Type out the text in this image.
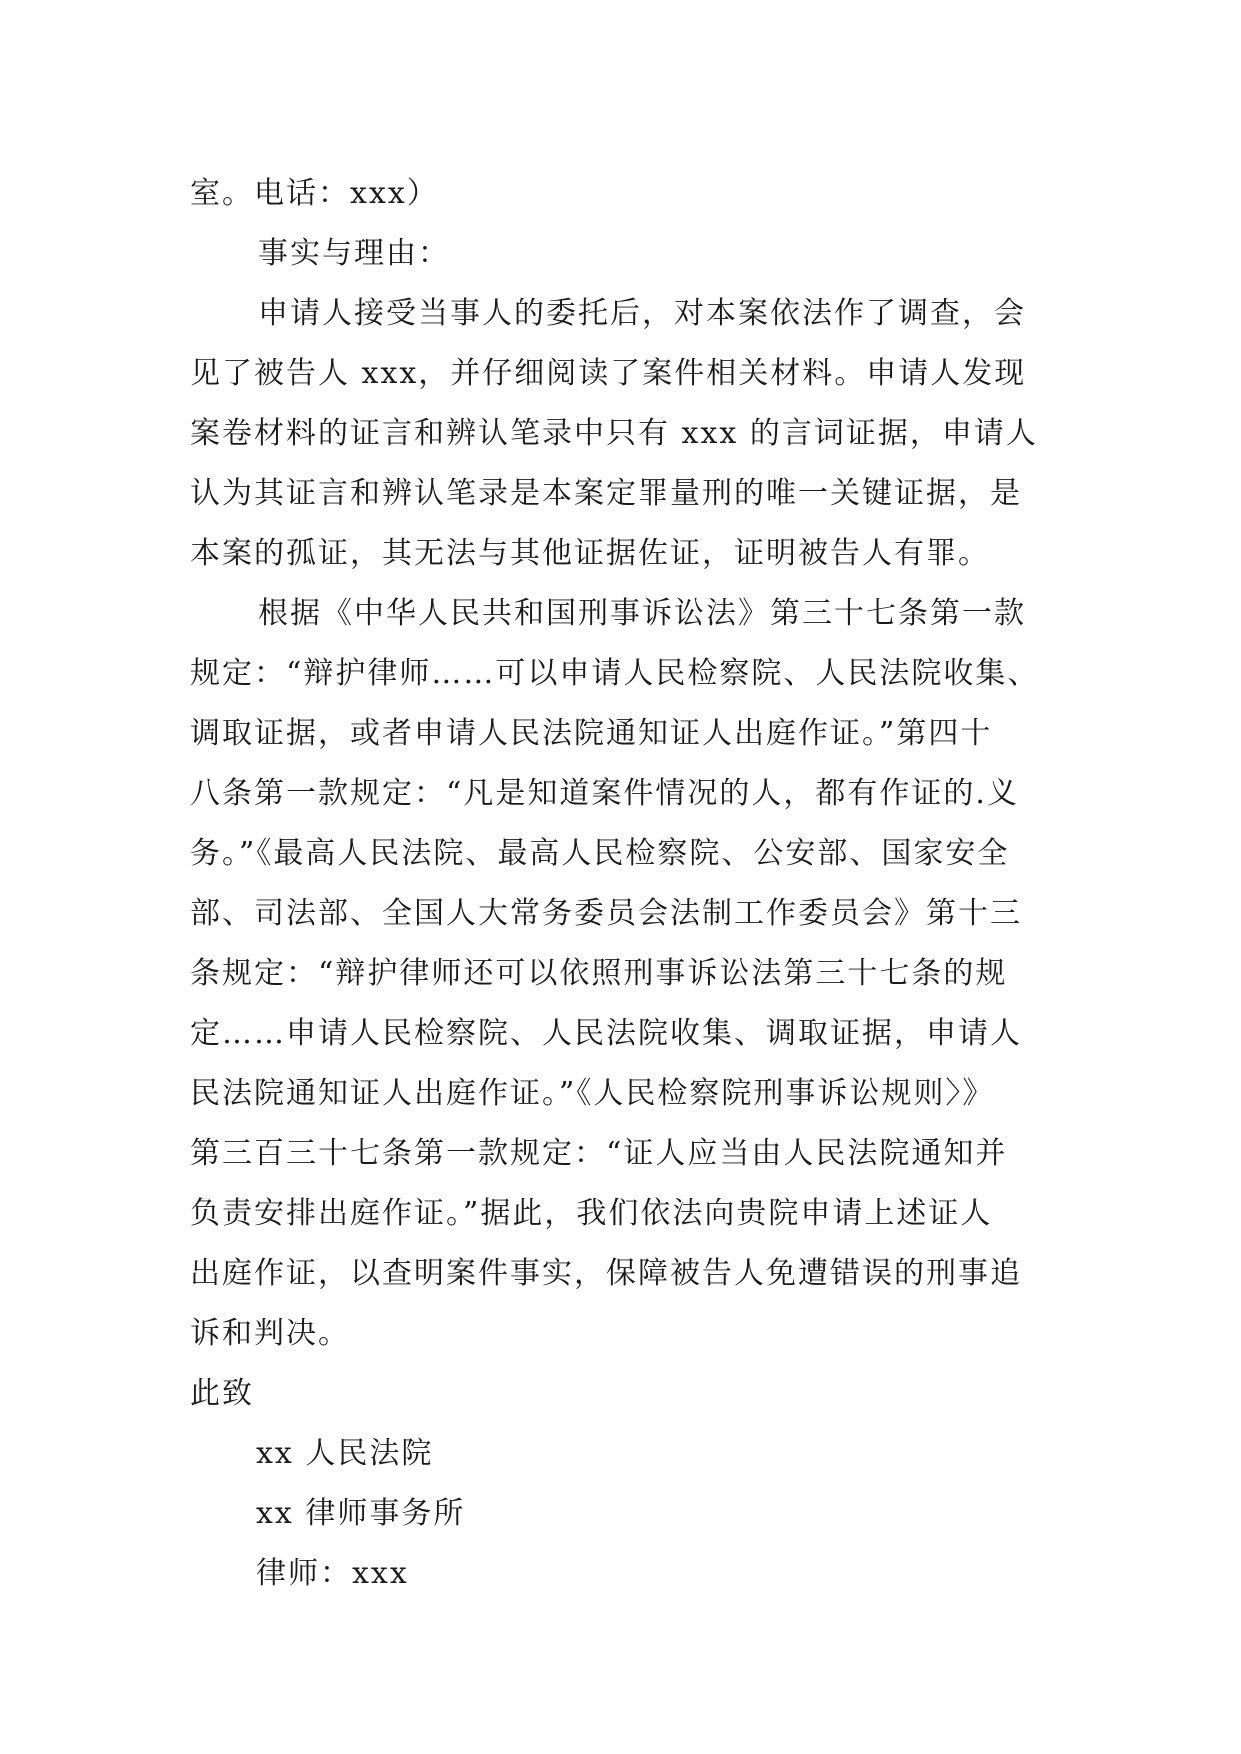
室。电话：xxx）

事实与理由：

申请人接受当事人的委托后，对本案依法作了调查，会

见了被告人 xxx，并仔细阅读了案件相关材料。申请人发现

案卷材料的证言和辨认笔录中只有 xxx 的言词证据，申请人

认为其证言和辨认笔录是本案定罪量刑的唯一关键证据，是

本案的孤证，其无法与其他证据佐证，证明被告人有罪。

根据《中华人民共和国刑事诉讼法》第三十七条第一款

规定：“辩护律师……可以申请人民检察院、人民法院收集、

调取证据，或者申请人民法院通知证人出庭作证。”第四十

八条第一款规定：“凡是知道案件情况的人，都有作证的.义

务。”《最高人民法院、最高人民检察院、公安部、国家安全

部、司法部、全国人大常务委员会法制工作委员会》第十三

条规定：“辩护律师还可以依照刑事诉讼法第三十七条的规

定……申请人民检察院、人民法院收集、调取证据，申请人

民法院通知证人出庭作证。”《人民检察院刑事诉讼规则〉》

第三百三十七条第一款规定：“证人应当由人民法院通知并

负责安排出庭作证。”据此，我们依法向贵院申请上述证人

出庭作证，以查明案件事实，保障被告人免遭错误的刑事追

诉和判决。

此致

xx 人民法院

xx 律师事务所

律师：xxx
